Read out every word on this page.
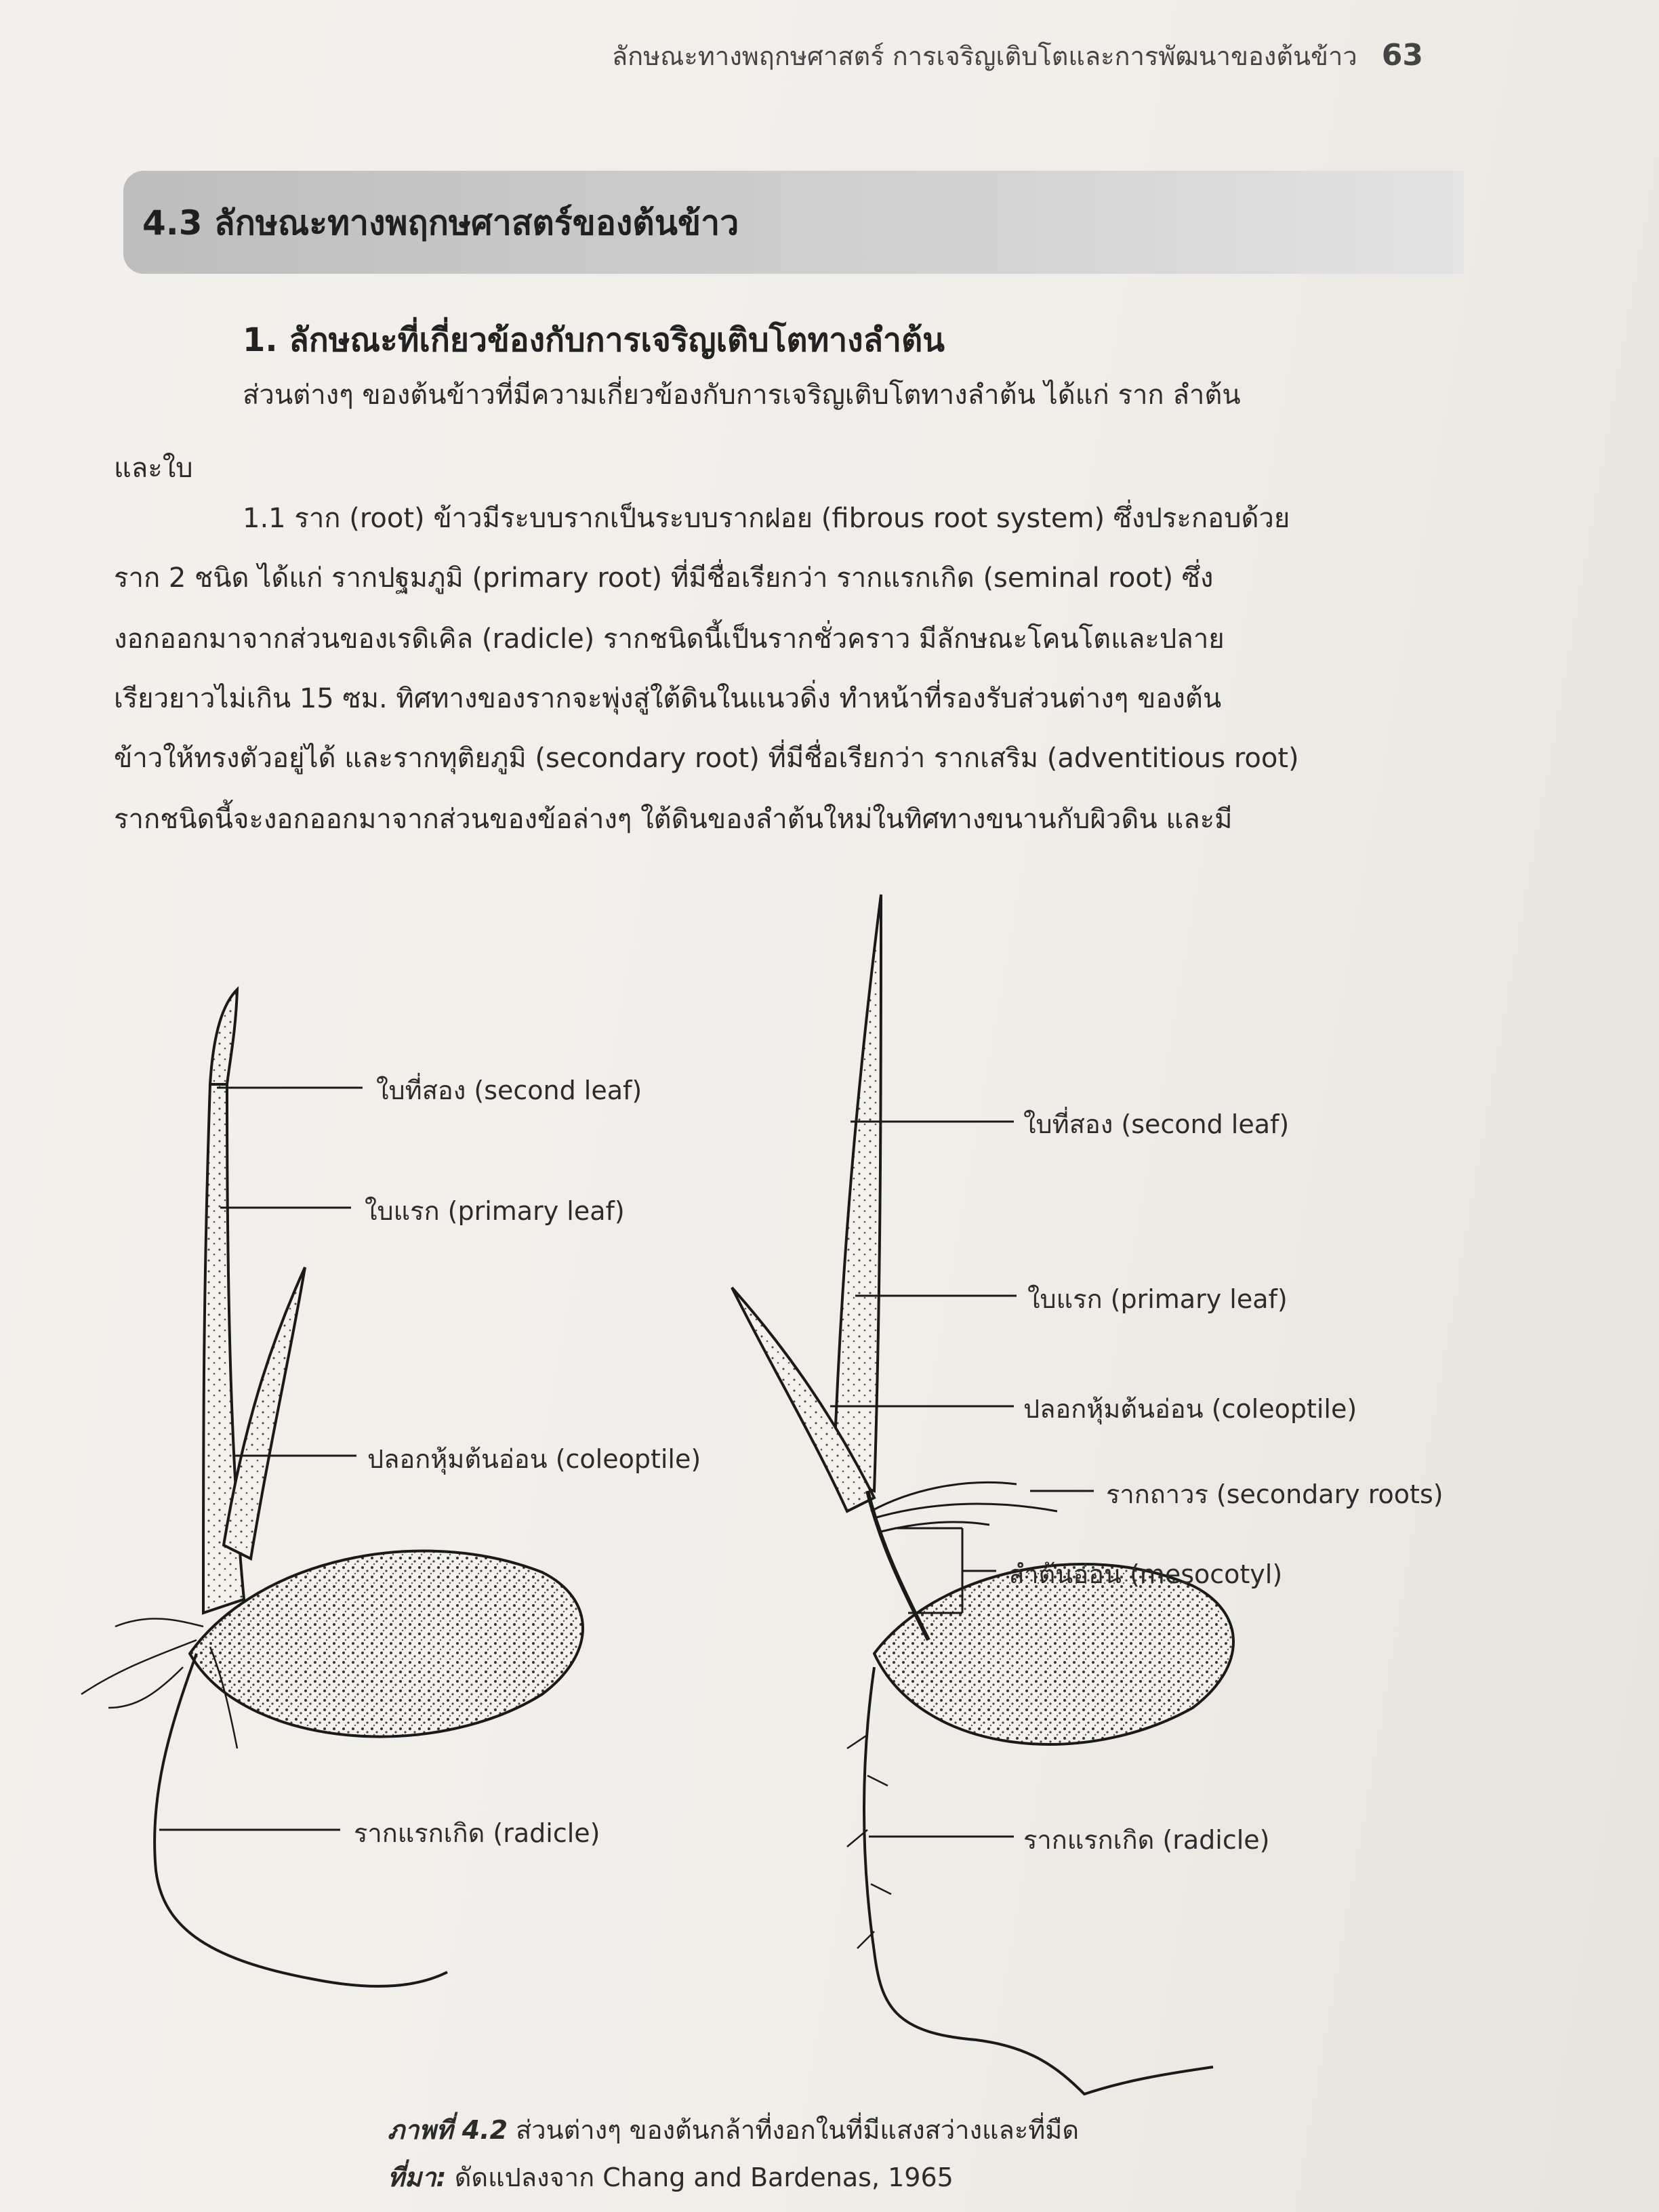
ลักษณะทางพฤกษศาสตร์ การเจริญเติบโตและการพัฒนาของต้นข้าว 63
4.3 ลักษณะทางพฤกษศาสตร์ของต้นข้าว
1. ลักษณะที่เกี่ยวข้องกับการเจริญเติบโตทางลำต้น
ส่วนต่างๆ ของต้นข้าวที่มีความเกี่ยวข้องกับการเจริญเติบโตทางลำต้น ได้แก่ ราก ลำต้น
และใบ
1.1 ราก (root) ข้าวมีระบบรากเป็นระบบรากฝอย (fibrous root system) ซึ่งประกอบด้วย
ราก 2 ชนิด ได้แก่ รากปฐมภูมิ (primary root) ที่มีชื่อเรียกว่า รากแรกเกิด (seminal root) ซึ่ง
งอกออกมาจากส่วนของเรดิเคิล (radicle) รากชนิดนี้เป็นรากชั่วคราว มีลักษณะโคนโตและปลาย
เรียวยาวไม่เกิน 15 ซม. ทิศทางของรากจะพุ่งสู่ใต้ดินในแนวดิ่ง ทำหน้าที่รองรับส่วนต่างๆ ของต้น
ข้าวให้ทรงตัวอยู่ได้ และรากทุติยภูมิ (secondary root) ที่มีชื่อเรียกว่า รากเสริม (adventitious root)
รากชนิดนี้จะงอกออกมาจากส่วนของข้อล่างๆ ใต้ดินของลำต้นใหม่ในทิศทางขนานกับผิวดิน และมี
ใบที่สอง (second leaf)
ใบแรก (primary leaf)
ปลอกหุ้มต้นอ่อน (coleoptile)
รากแรกเกิด (radicle)
ใบที่สอง (second leaf)
ใบแรก (primary leaf)
ปลอกหุ้มต้นอ่อน (coleoptile)
รากถาวร (secondary roots)
ลำต้นอ่อน (mesocotyl)
รากแรกเกิด (radicle)
ภาพที่ 4.2 ส่วนต่างๆ ของต้นกล้าที่งอกในที่มีแสงสว่างและที่มืด
ที่มา: ดัดแปลงจาก Chang and Bardenas, 1965
